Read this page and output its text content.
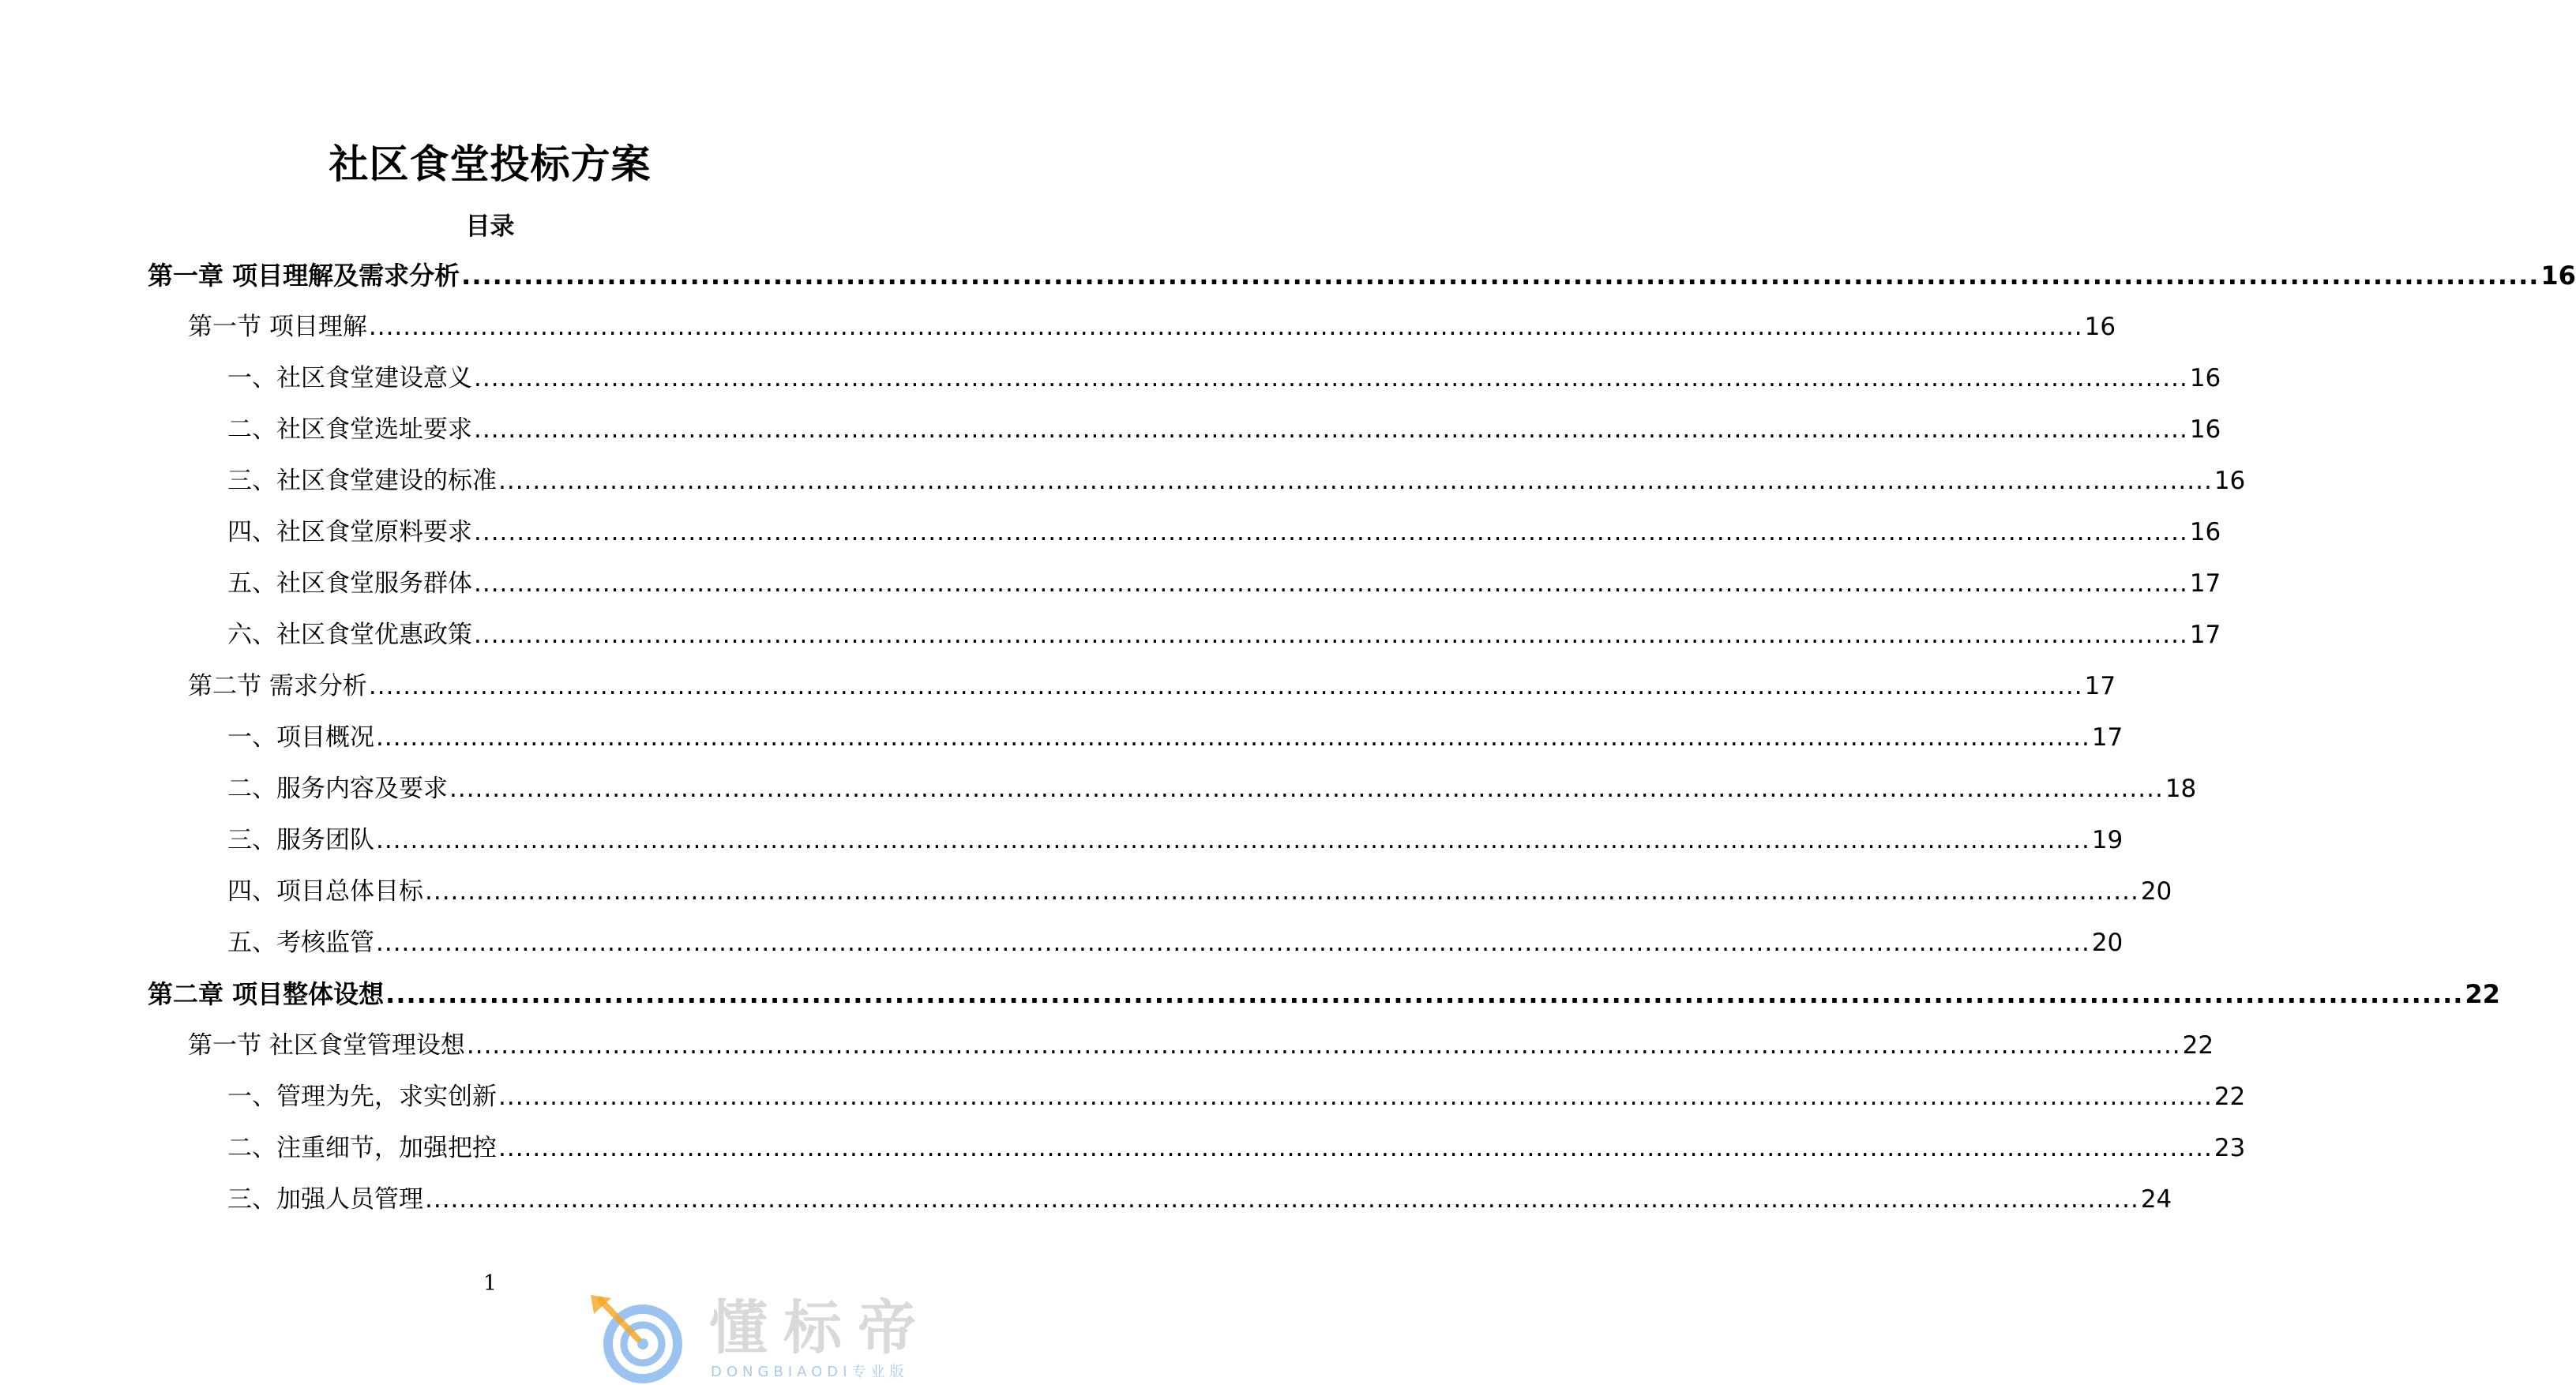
社区食堂投标方案
目录
第一章 项目理解及需求分析 ........................................................................................................................................................................................................ 16
第一节 项目理解 ........................................................................................................................................................................................................ 16
一、社区食堂建设意义 ........................................................................................................................................................................................................ 16
二、社区食堂选址要求 ........................................................................................................................................................................................................ 16
三、社区食堂建设的标准 ........................................................................................................................................................................................................ 16
四、社区食堂原料要求 ........................................................................................................................................................................................................ 16
五、社区食堂服务群体 ........................................................................................................................................................................................................ 17
六、社区食堂优惠政策 ........................................................................................................................................................................................................ 17
第二节 需求分析 ........................................................................................................................................................................................................ 17
一、项目概况 ........................................................................................................................................................................................................ 17
二、服务内容及要求 ........................................................................................................................................................................................................ 18
三、服务团队 ........................................................................................................................................................................................................ 19
四、项目总体目标 ........................................................................................................................................................................................................ 20
五、考核监管 ........................................................................................................................................................................................................ 20
第二章 项目整体设想 ........................................................................................................................................................................................................ 22
第一节 社区食堂管理设想 ........................................................................................................................................................................................................ 22
一、管理为先，求实创新 ........................................................................................................................................................................................................ 22
二、注重细节，加强把控 ........................................................................................................................................................................................................ 23
三、加强人员管理 ........................................................................................................................................................................................................ 24
1
懂标帝
DONGBIAODI专业版
